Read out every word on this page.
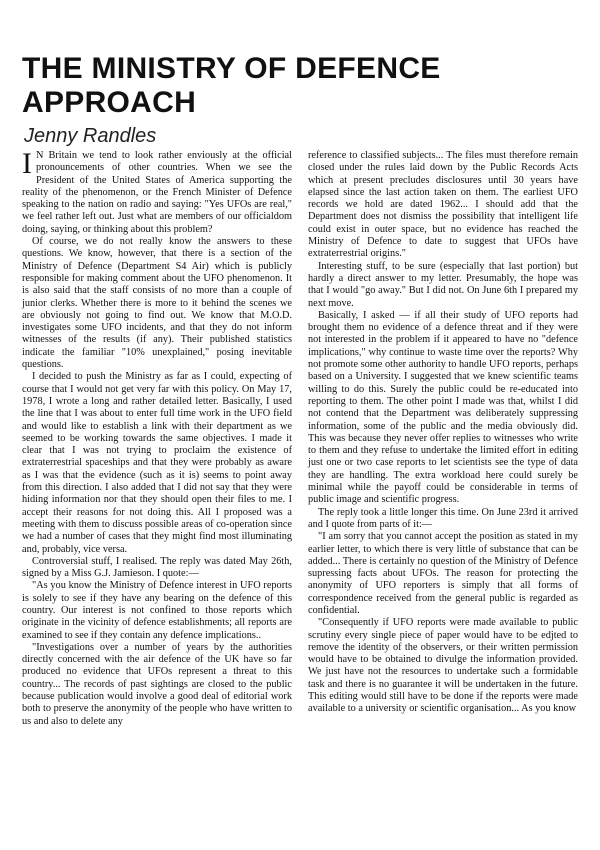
THE MINISTRY OF DEFENCE APPROACH
Jenny Randles

I N Britain we tend to look rather enviously at the official pronouncements of other countries. When we see the President of the United States of America supporting the reality of the phenomenon, or the French Minister of Defence speaking to the nation on radio and saying: "Yes UFOs are real," we feel rather left out. Just what are members of our officialdom doing, saying, or thinking about this problem?

Of course, we do not really know the answers to these questions. We know, however, that there is a section of the Ministry of Defence (Department S4 Air) which is publicly responsible for making comment about the UFO phenomenon. It is also said that the staff consists of no more than a couple of junior clerks. Whether there is more to it behind the scenes we are obviously not going to find out. We know that M.O.D. investigates some UFO incidents, and that they do not inform witnesses of the results (if any). Their published statistics indicate the familiar "10% unexplained," posing inevitable questions.

I decided to push the Ministry as far as I could, expecting of course that I would not get very far with this policy. On May 17, 1978, I wrote a long and rather detailed letter. Basically, I used the line that I was about to enter full time work in the UFO field and would like to establish a link with their department as we seemed to be working towards the same objectives. I made it clear that I was not trying to proclaim the existence of extraterrestrial spaceships and that they were probably as aware as I was that the evidence (such as it is) seems to point away from this direction. I also added that I did not say that they were hiding information nor that they should open their files to me. I accept their reasons for not doing this. All I proposed was a meeting with them to discuss possible areas of co-operation since we had a number of cases that they might find most illuminating and, probably, vice versa.

Controversial stuff, I realised. The reply was dated May 26th, signed by a Miss G.J. Jamieson. I quote:—

"As you know the Ministry of Defence interest in UFO reports is solely to see if they have any bearing on the defence of this country. Our interest is not confined to those reports which originate in the vicinity of defence establishments; all reports are examined to see if they contain any defence implications..

"Investigations over a number of years by the authorities directly concerned with the air defence of the UK have so far produced no evidence that UFOs represent a threat to this country... The records of past sightings are closed to the public because publication would involve a good deal of editorial work both to preserve the anonymity of the people who have written to us and also to delete any

reference to classified subjects... The files must therefore remain closed under the rules laid down by the Public Records Acts which at present precludes disclosures until 30 years have elapsed since the last action taken on them. The earliest UFO records we hold are dated 1962... I should add that the Department does not dismiss the possibility that intelligent life could exist in outer space, but no evidence has reached the Ministry of Defence to date to suggest that UFOs have extraterrestrial origins."

Interesting stuff, to be sure (especially that last portion) but hardly a direct answer to my letter. Presumably, the hope was that I would "go away." But I did not. On June 6th I prepared my next move.

Basically, I asked — if all their study of UFO reports had brought them no evidence of a defence threat and if they were not interested in the problem if it appeared to have no "defence implications," why continue to waste time over the reports? Why not promote some other authority to handle UFO reports, perhaps based on a University. I suggested that we knew scientific teams willing to do this. Surely the public could be re-educated into reporting to them. The other point I made was that, whilst I did not contend that the Department was deliberately suppressing information, some of the public and the media obviously did. This was because they never offer replies to witnesses who write to them and they refuse to undertake the limited effort in editing just one or two case reports to let scientists see the type of data they are handling. The extra workload here could surely be minimal while the payoff could be considerable in terms of public image and scientific progress.

The reply took a little longer this time. On June 23rd it arrived and I quote from parts of it:—

"I am sorry that you cannot accept the position as stated in my earlier letter, to which there is very little of substance that can be added... There is certainly no question of the Ministry of Defence supressing facts about UFOs. The reason for protecting the anonymity of UFO reporters is simply that all forms of correspondence received from the general public is regarded as confidential.

"Consequently if UFO reports were made available to public scrutiny every single piece of paper would have to be edjted to remove the identity of the observers, or their written permission would have to be obtained to divulge the information provided. We just have not the resources to undertake such a formidable task and there is no guarantee it will be undertaken in the future. This editing would still have to be done if the reports were made available to a university or scientific organisation... As you know
